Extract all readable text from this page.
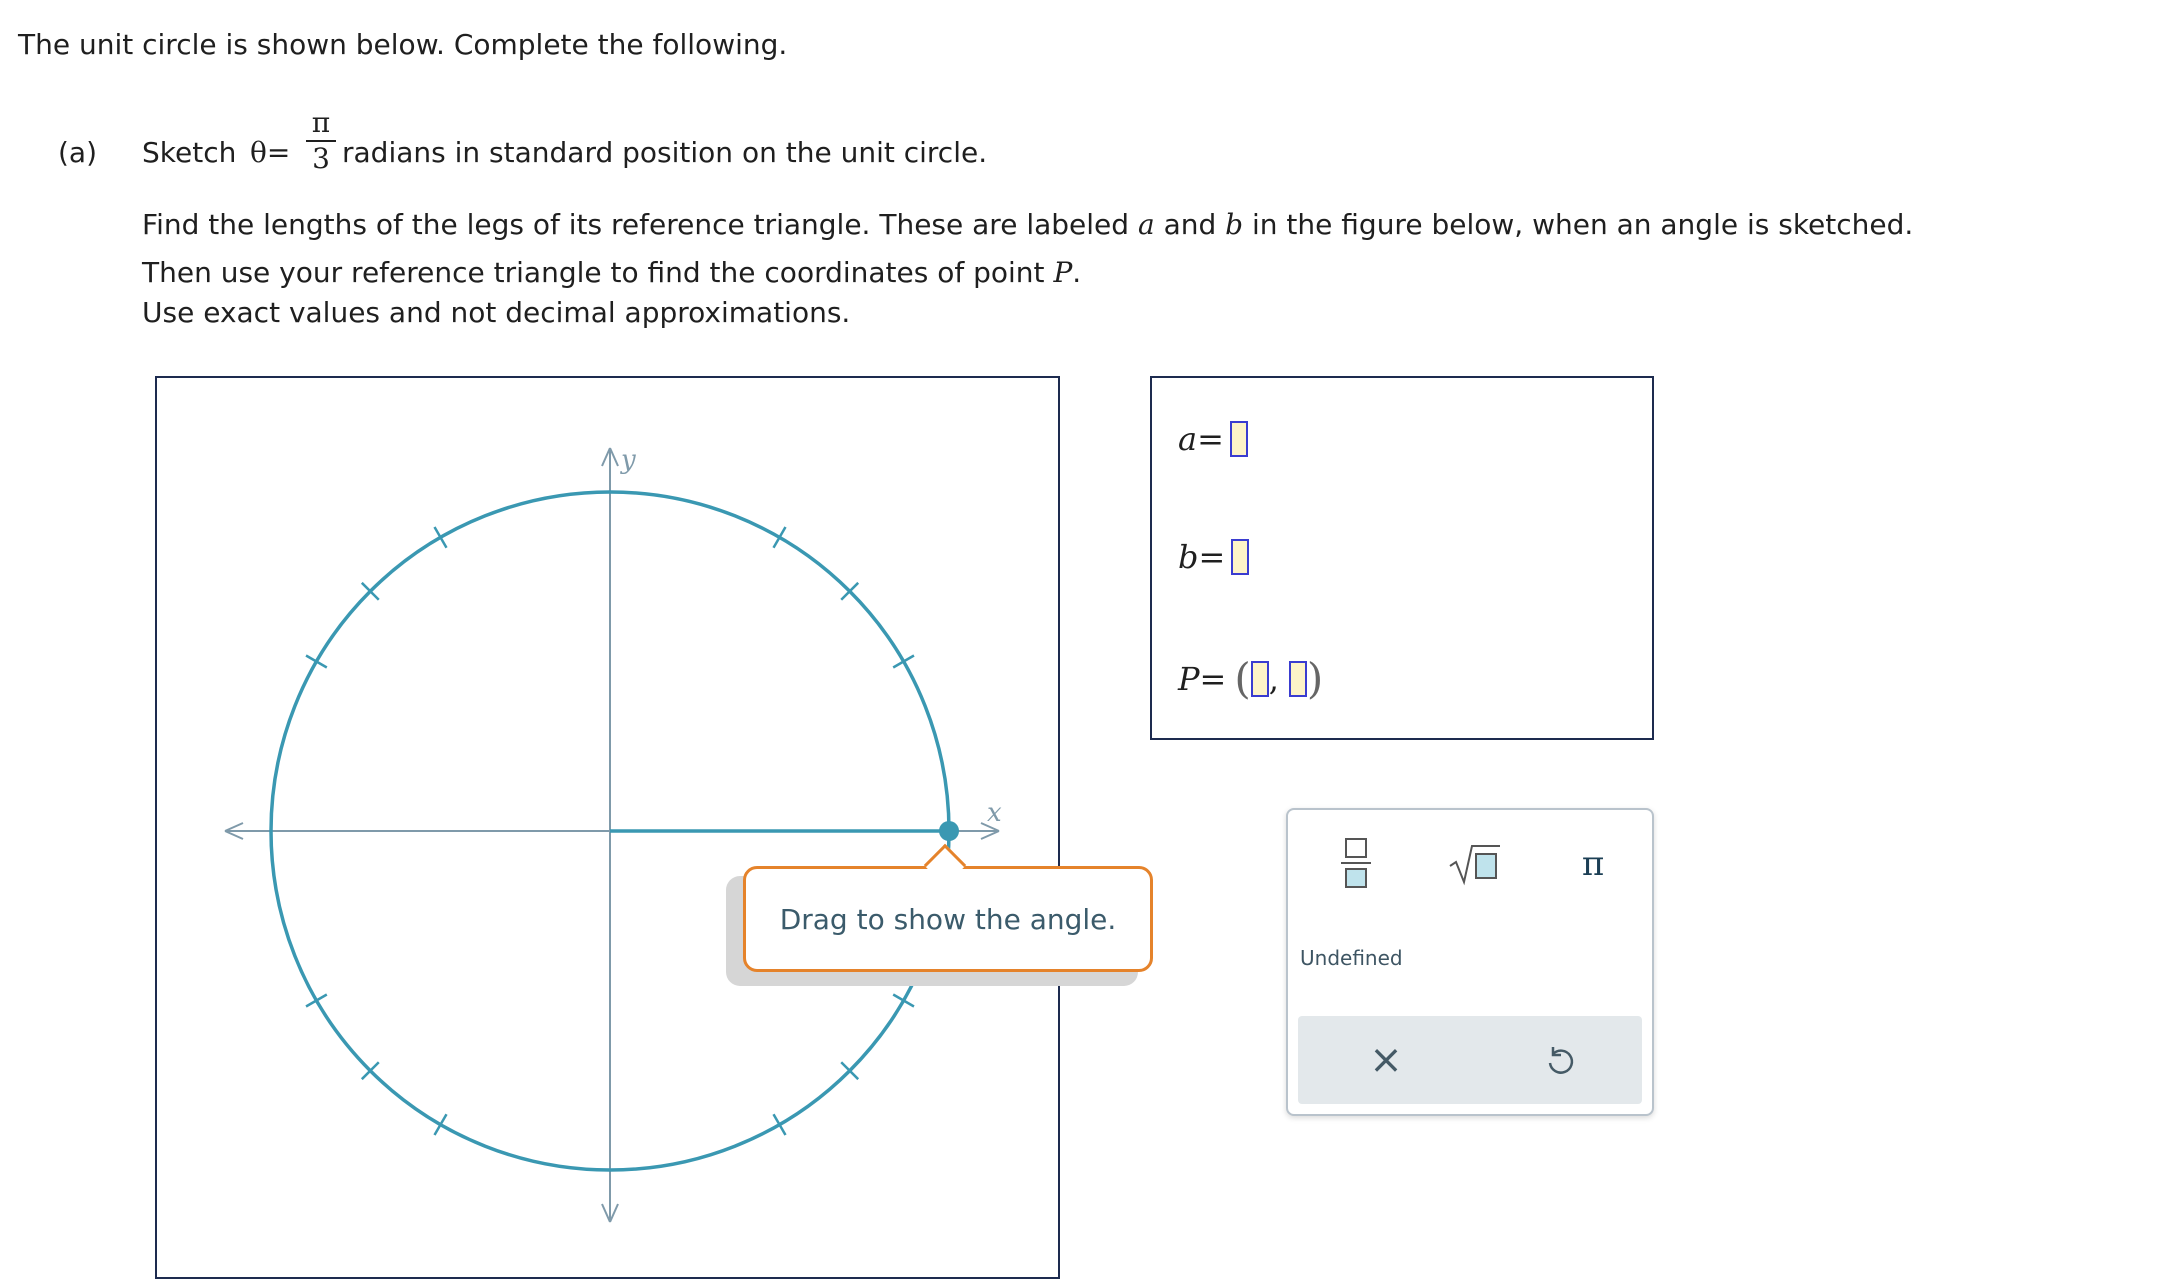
The unit circle is shown below. Complete the following.
(a) Sketch θ=
π
3 radians in standard position on the unit circle.
Find the lengths of the legs of its reference triangle. These are labeled a and b in the figure below, when an angle is sketched.
Then use your reference triangle to find the coordinates of point P.
Use exact values and not decimal approximations.
x
y
Drag to show the angle.
a =
b =
P = ( , )
π
Undefined
×
